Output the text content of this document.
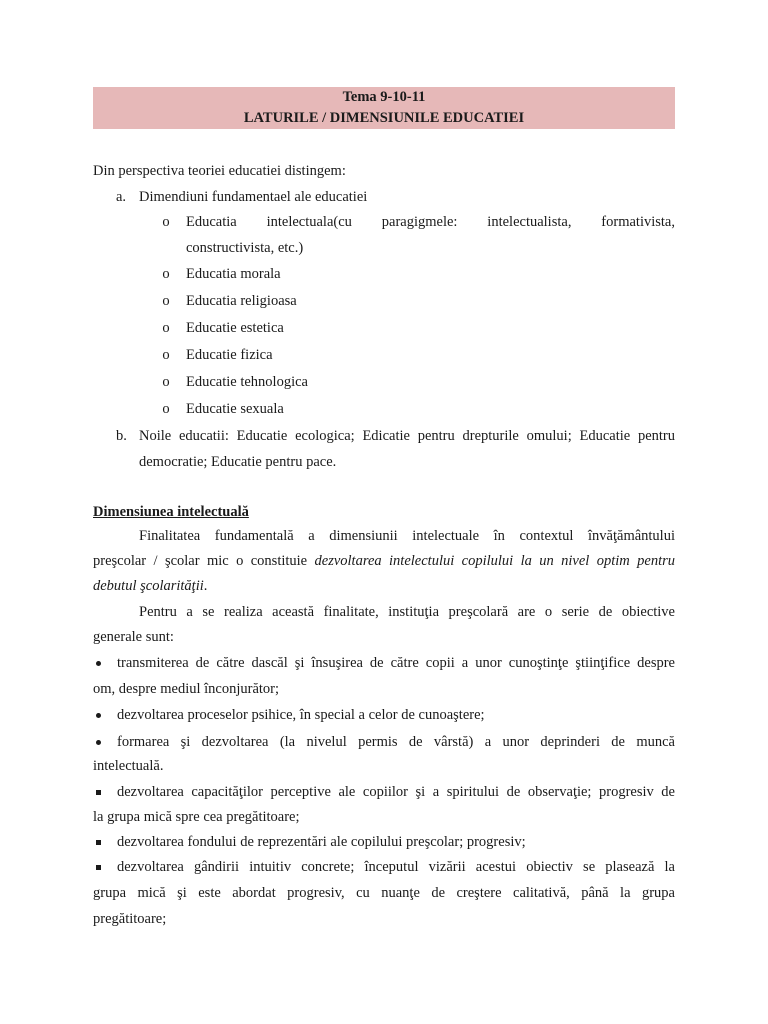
Tema 9-10-11
LATURILE / DIMENSIUNILE EDUCATIEI
Din perspectiva teoriei educatiei distingem:
a. Dimendiuni fundamentael ale educatiei
o Educatia intelectuala(cu paragigmele: intelectualista, formativista,
constructivista, etc.)
o Educatia morala
o Educatia religioasa
o Educatie estetica
o Educatie fizica
o Educatie tehnologica
o Educatie sexuala
b. Noile educatii: Educatie ecologica; Edicatie pentru drepturile omului; Educatie pentru
democratie; Educatie pentru pace.
Dimensiunea intelectuală
Finalitatea fundamentală a dimensiunii intelectuale în contextul învăţământului
preşcolar / şcolar mic o constituie dezvoltarea intelectului copilului la un nivel optim pentru
debutul şcolarităţii.
Pentru a se realiza această finalitate, instituţia preşcolară are o serie de obiective
generale sunt:
transmiterea de către dascăl şi însuşirea de către copii a unor cunoştinţe ştiinţifice despre
om, despre mediul înconjurător;
dezvoltarea proceselor psihice, în special a celor de cunoaştere;
formarea şi dezvoltarea (la nivelul permis de vârstă) a unor deprinderi de muncă
intelectuală.
dezvoltarea capacităţilor perceptive ale copiilor şi a spiritului de observaţie; progresiv de
la grupa mică spre cea pregătitoare;
dezvoltarea fondului de reprezentări ale copilului preşcolar; progresiv;
dezvoltarea gândirii intuitiv concrete; începutul vizării acestui obiectiv se plasează la
grupa mică şi este abordat progresiv, cu nuanţe de creştere calitativă, până la grupa
pregătitoare;
